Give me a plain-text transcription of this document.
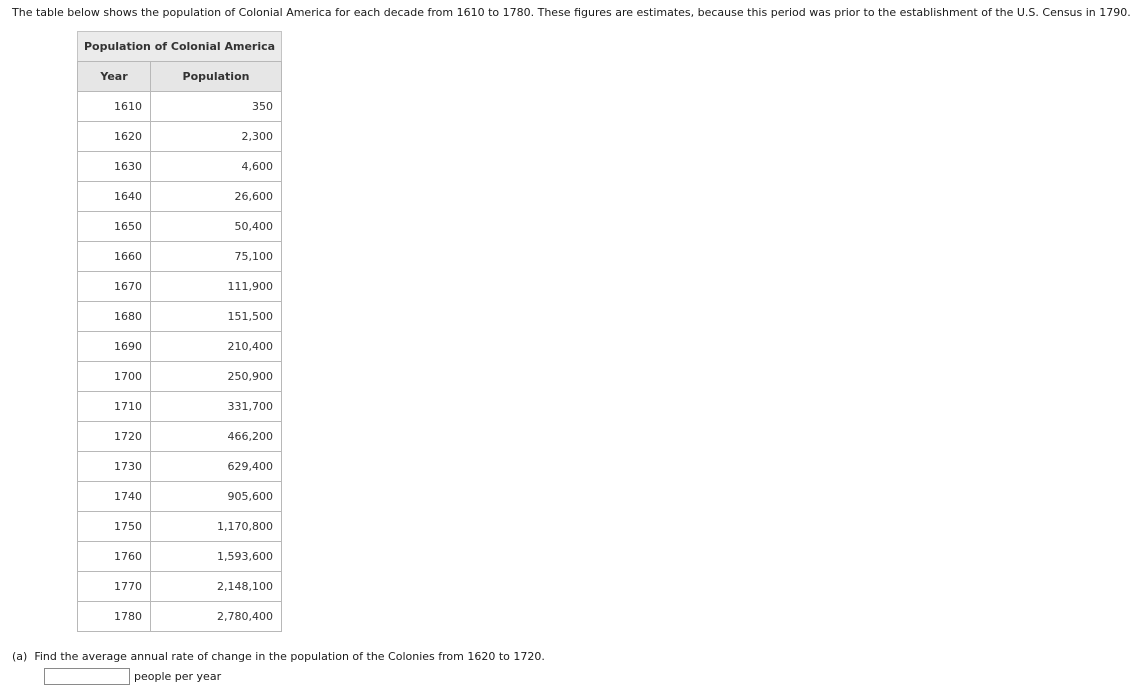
The table below shows the population of Colonial America for each decade from 1610 to 1780. These figures are estimates, because this period was prior to the establishment of the U.S. Census in 1790.
Population of Colonial America
Year	Population
1610	350
1620	2,300
1630	4,600
1640	26,600
1650	50,400
1660	75,100
1670	111,900
1680	151,500
1690	210,400
1700	250,900
1710	331,700
1720	466,200
1730	629,400
1740	905,600
1750	1,170,800
1760	1,593,600
1770	2,148,100
1780	2,780,400
(a) Find the average annual rate of change in the population of the Colonies from 1620 to 1720.
people per year
